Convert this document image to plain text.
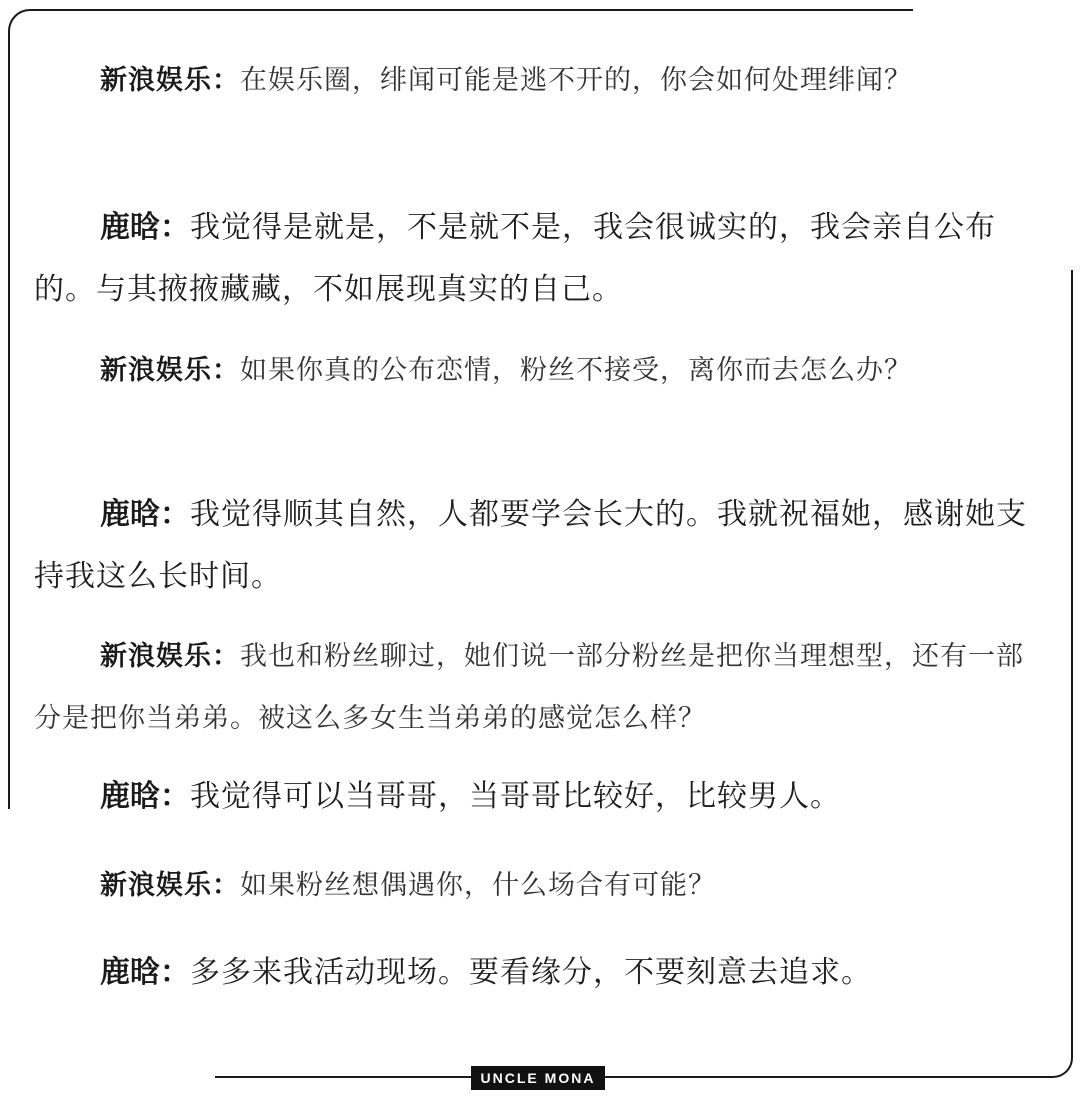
新浪娱乐：在娱乐圈，绯闻可能是逃不开的，你会如何处理绯闻？

鹿晗：我觉得是就是，不是就不是，我会很诚实的，我会亲自公布的。与其掖掖藏藏，不如展现真实的自己。

新浪娱乐：如果你真的公布恋情，粉丝不接受，离你而去怎么办？

鹿晗：我觉得顺其自然，人都要学会长大的。我就祝福她，感谢她支持我这么长时间。

新浪娱乐：我也和粉丝聊过，她们说一部分粉丝是把你当理想型，还有一部分是把你当弟弟。被这么多女生当弟弟的感觉怎么样？

鹿晗：我觉得可以当哥哥，当哥哥比较好，比较男人。

新浪娱乐：如果粉丝想偶遇你，什么场合有可能？

鹿晗：多多来我活动现场。要看缘分，不要刻意去追求。

UNCLE MONA
